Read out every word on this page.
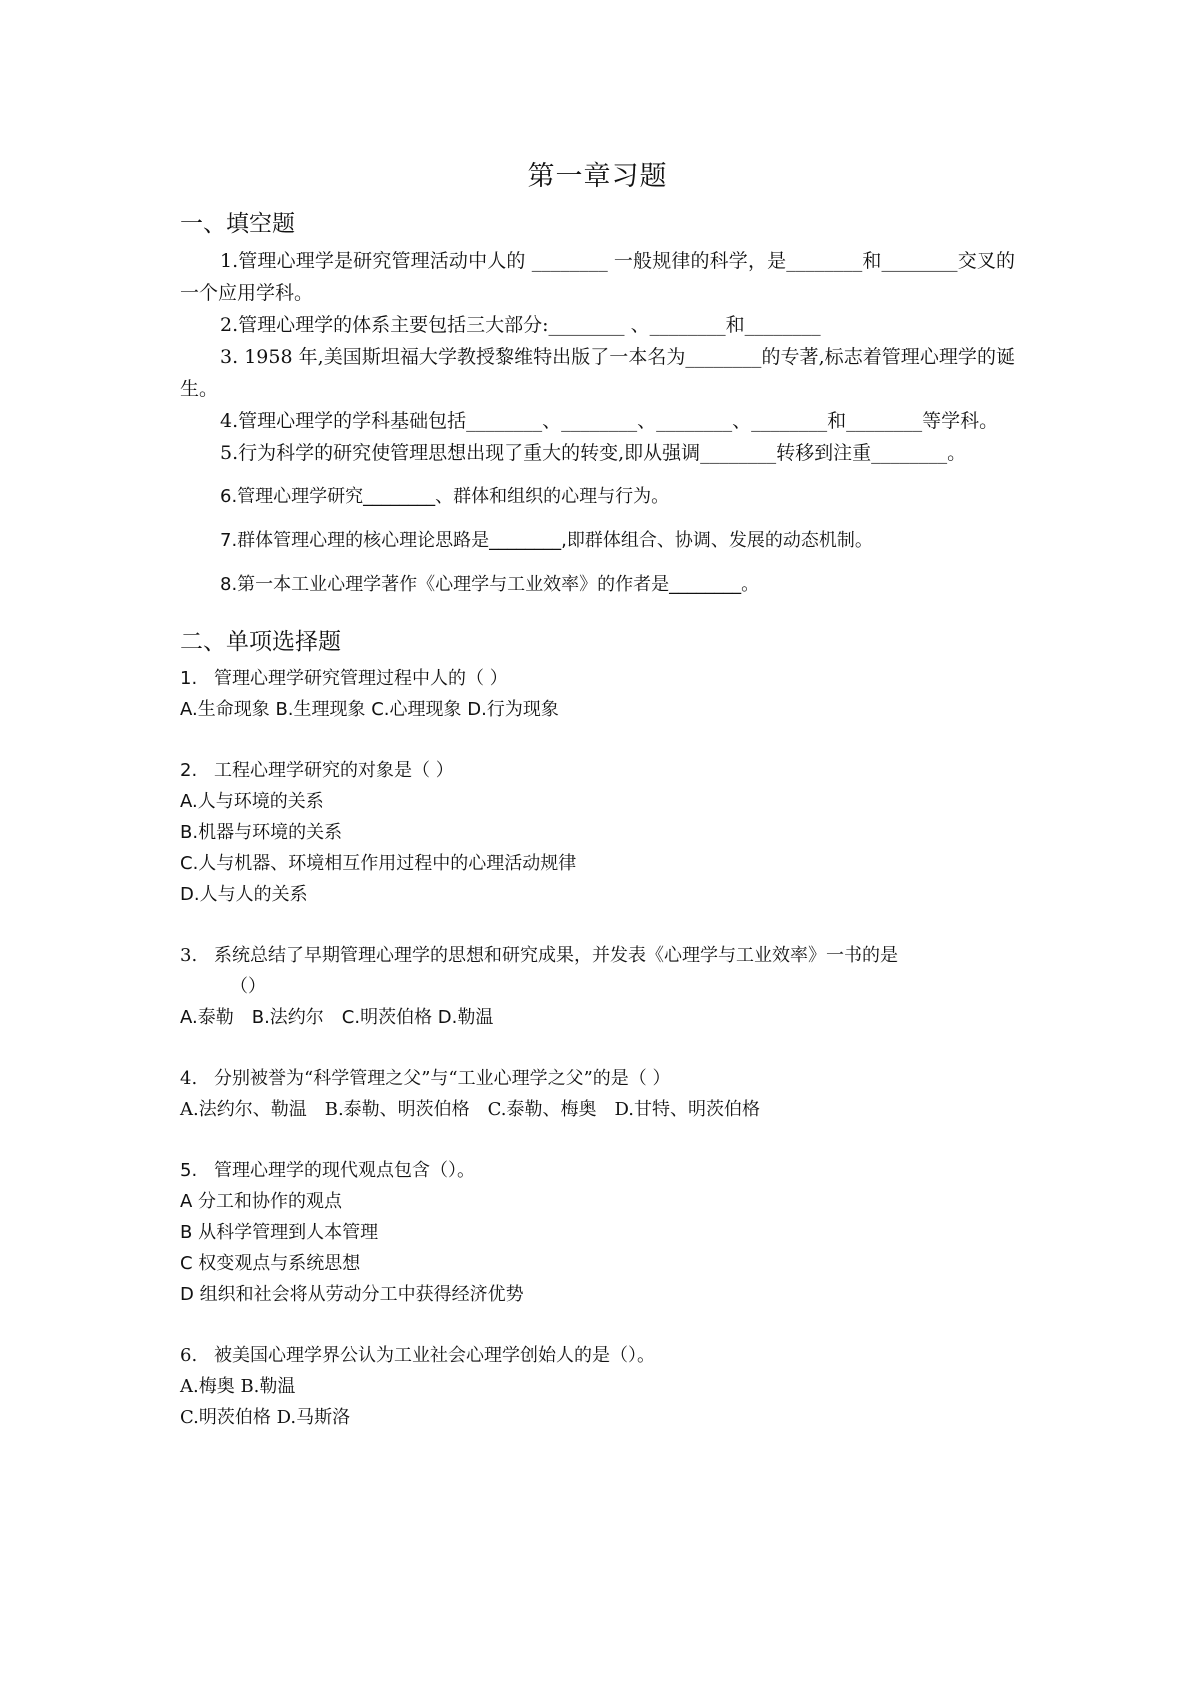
第一章习题
一、填空题

1.管理心理学是研究管理活动中人的 ________ 一般规律的科学，是________和________交叉的一个应用学科。

2.管理心理学的体系主要包括三大部分:________ 、________和________

3. 1958 年,美国斯坦福大学教授黎维特出版了一本名为________的专著,标志着管理心理学的诞生。

4.管理心理学的学科基础包括________、________、________、________和________等学科。

5.行为科学的研究使管理思想出现了重大的转变,即从强调________转移到注重________。

6.管理心理学研究________、群体和组织的心理与行为。

7.群体管理心理的核心理论思路是________,即群体组合、协调、发展的动态机制。

8.第一本工业心理学著作《心理学与工业效率》的作者是________。

二、单项选择题
1. 管理心理学研究管理过程中人的（ ）

A.生命现象 B.生理现象 C.心理现象 D.行为现象

2. 工程心理学研究的对象是（ ）

A.人与环境的关系

B.机器与环境的关系

C.人与机器、环境相互作用过程中的心理活动规律

D.人与人的关系

3. 系统总结了早期管理心理学的思想和研究成果，并发表《心理学与工业效率》一书的是

（）

A.泰勒　B.法约尔　C.明茨伯格 D.勒温

4. 分别被誉为“科学管理之父”与“工业心理学之父”的是（ ）

A.法约尔、勒温　B.泰勒、明茨伯格　C.泰勒、梅奥　D.甘特、明茨伯格

5. 管理心理学的现代观点包含（）。

A 分工和协作的观点

B 从科学管理到人本管理

C 权变观点与系统思想

D 组织和社会将从劳动分工中获得经济优势

6. 被美国心理学界公认为工业社会心理学创始人的是（）。

A.梅奥 B.勒温

C.明茨伯格 D.马斯洛
